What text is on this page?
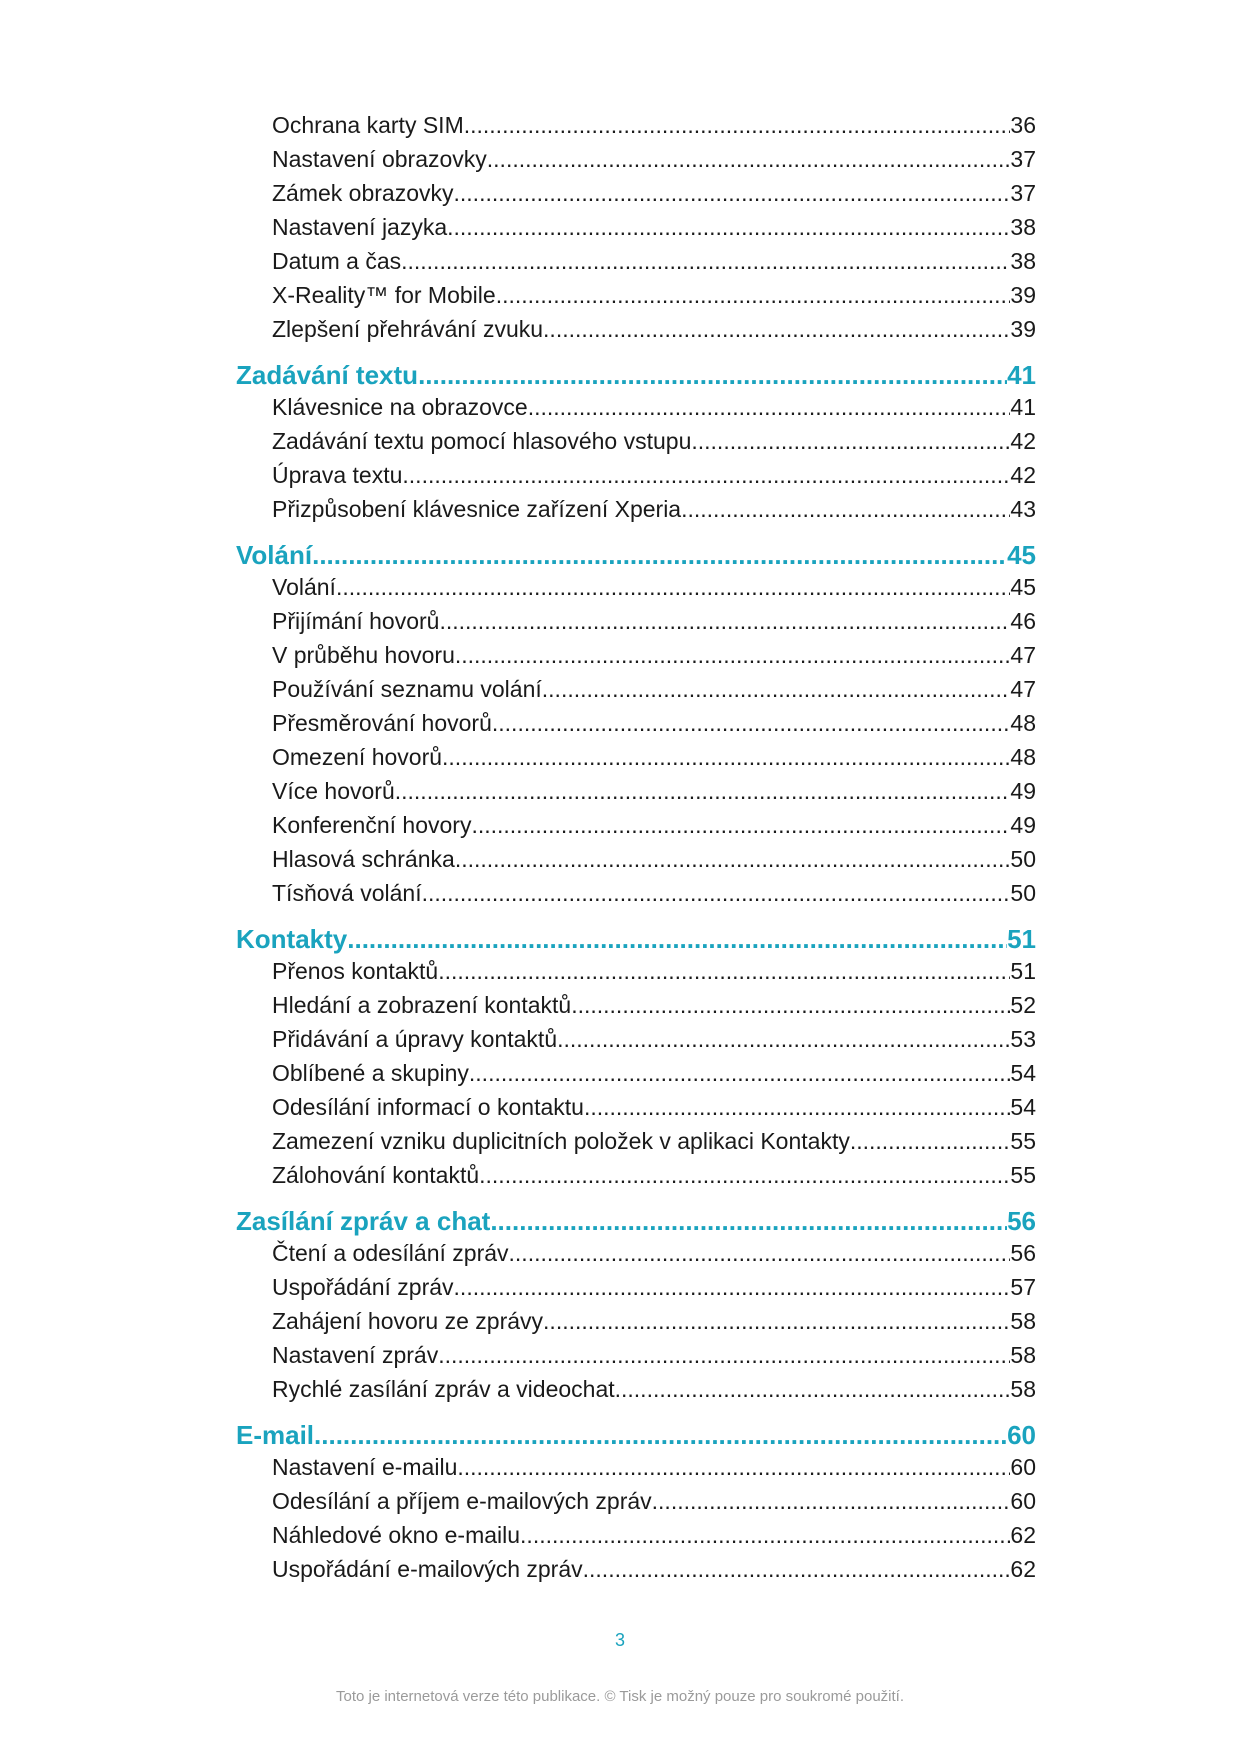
Ochrana karty SIM .....	36
Nastavení obrazovky .....	37
Zámek obrazovky .....	37
Nastavení jazyka .....	38
Datum a čas .....	38
X-Reality™ for Mobile .....	39
Zlepšení přehrávání zvuku .....	39
Zadávání textu .....	41
Klávesnice na obrazovce .....	41
Zadávání textu pomocí hlasového vstupu .....	42
Úprava textu .....	42
Přizpůsobení klávesnice zařízení Xperia .....	43
Volání .....	45
Volání .....	45
Přijímání hovorů .....	46
V průběhu hovoru .....	47
Používání seznamu volání .....	47
Přesměrování hovorů .....	48
Omezení hovorů .....	48
Více hovorů .....	49
Konferenční hovory .....	49
Hlasová schránka .....	50
Tísňová volání .....	50
Kontakty .....	51
Přenos kontaktů .....	51
Hledání a zobrazení kontaktů .....	52
Přidávání a úpravy kontaktů .....	53
Oblíbené a skupiny .....	54
Odesílání informací o kontaktu .....	54
Zamezení vzniku duplicitních položek v aplikaci Kontakty .....	55
Zálohování kontaktů .....	55
Zasílání zpráv a chat .....	56
Čtení a odesílání zpráv .....	56
Uspořádání zpráv .....	57
Zahájení hovoru ze zprávy .....	58
Nastavení zpráv .....	58
Rychlé zasílání zpráv a videochat .....	58
E-mail .....	60
Nastavení e-mailu .....	60
Odesílání a příjem e-mailových zpráv .....	60
Náhledové okno e-mailu .....	62
Uspořádání e-mailových zpráv .....	62
3
Toto je internetová verze této publikace. © Tisk je možný pouze pro soukromé použití.
